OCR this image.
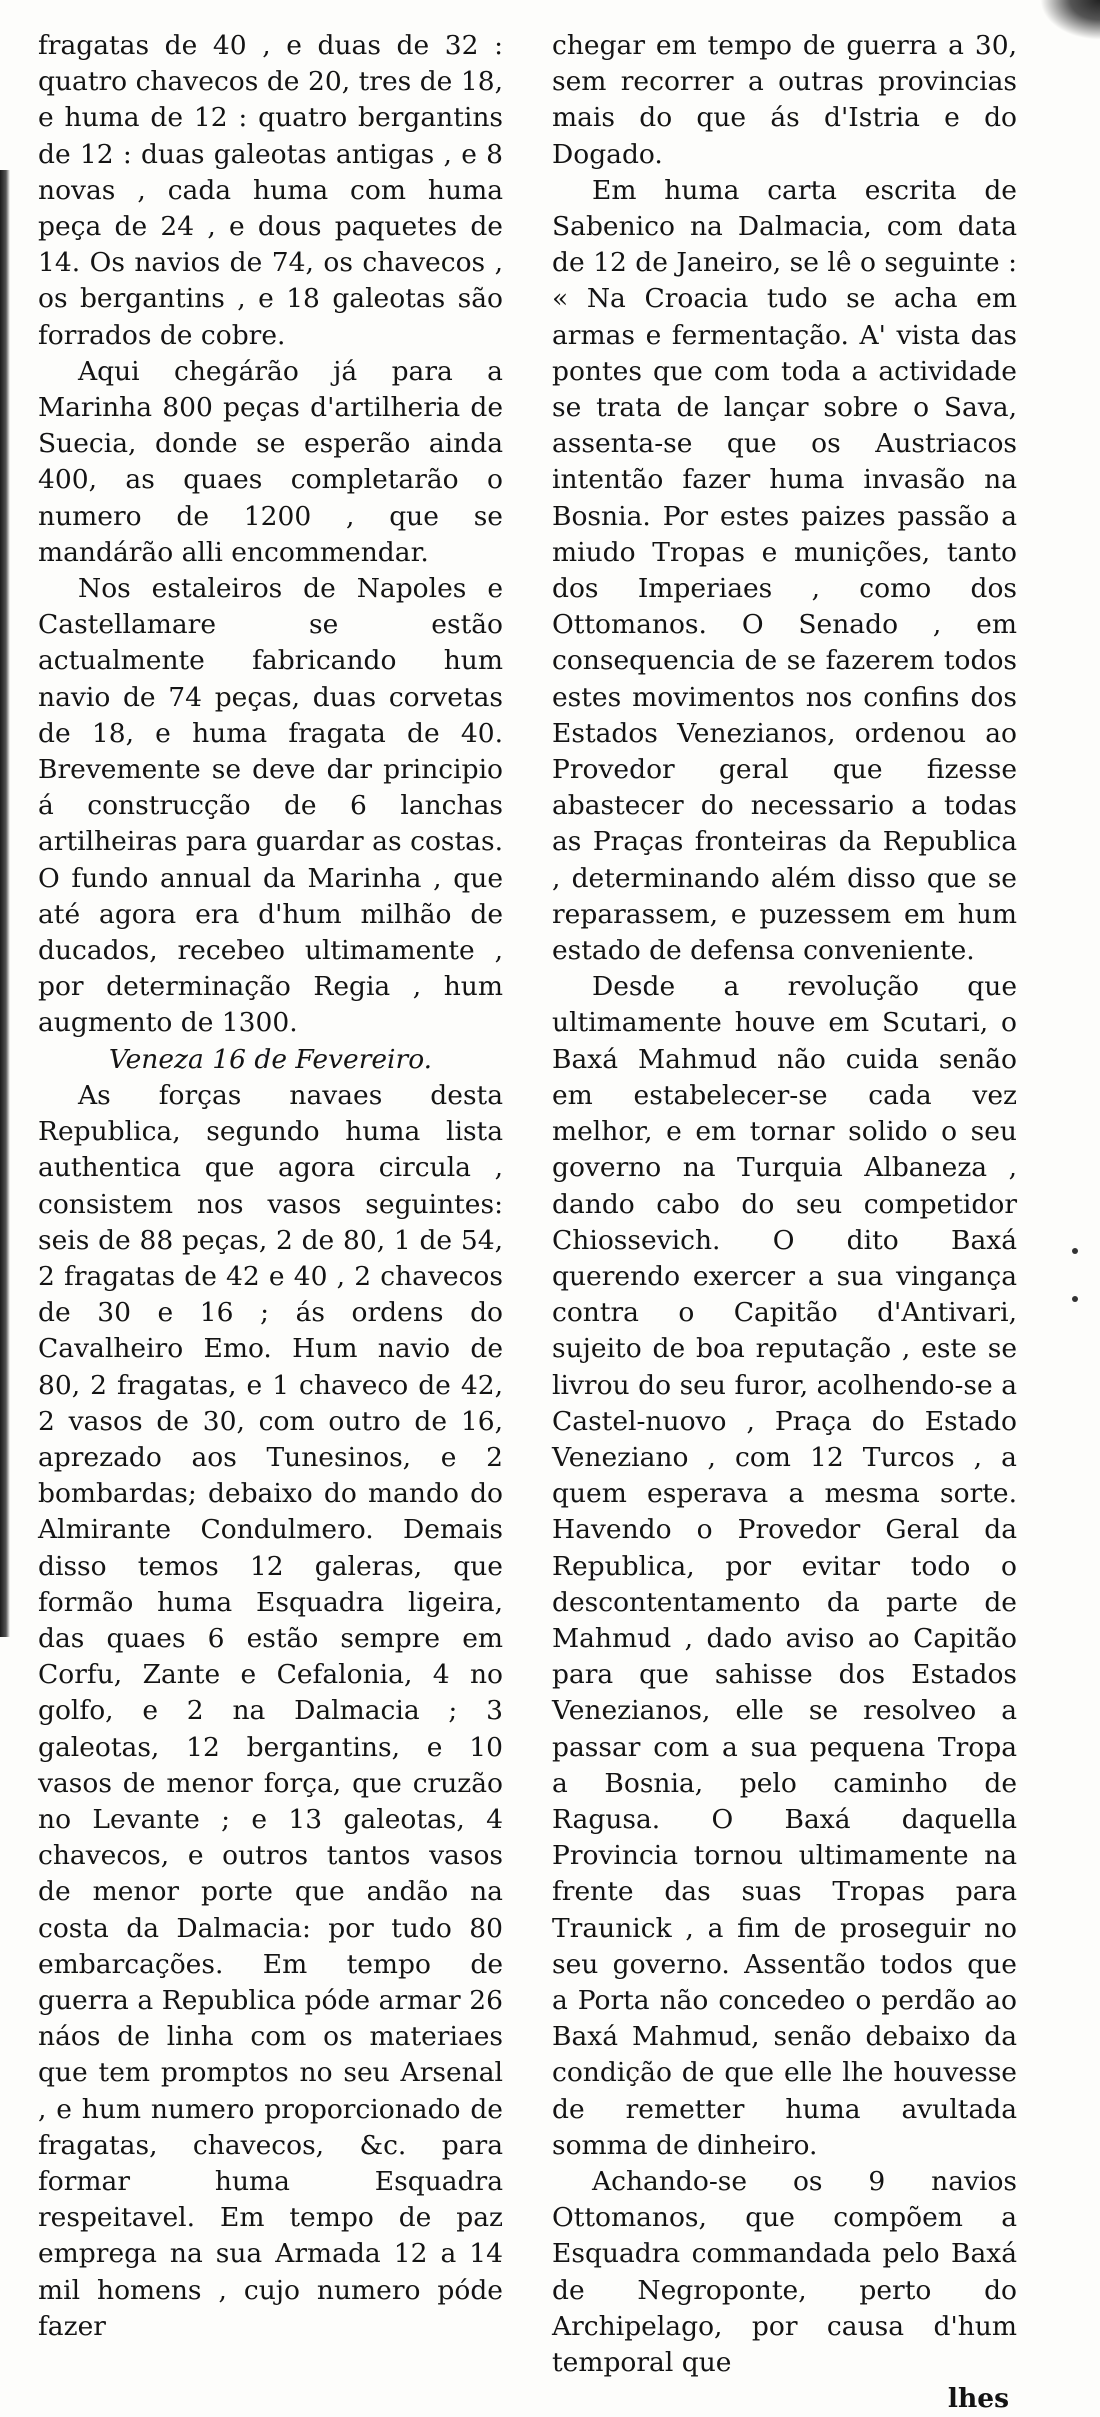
fragatas de 40 , e duas de 32 : quatro chavecos de 20, tres de 18, e huma de 12 : quatro bergantins de 12 : duas galeotas antigas , e 8 novas , cada huma com huma peça de 24 , e dous paquetes de 14. Os navios de 74, os chavecos , os bergantins , e 18 galeotas são forrados de cobre.

Aqui chegárão já para a Marinha 800 peças d'artilheria de Suecia, donde se esperão ainda 400, as quaes completarão o numero de 1200 , que se mandárão alli encommendar.

Nos estaleiros de Napoles e Castellamare se estão actualmente fabricando hum navio de 74 peças, duas corvetas de 18, e huma fragata de 40. Brevemente se deve dar principio á construcção de 6 lanchas artilheiras para guardar as costas. O fundo annual da Marinha , que até agora era d'hum milhão de ducados, recebeo ultimamente , por determinação Regia , hum augmento de 1300.

Veneza 16 de Fevereiro.

As forças navaes desta Republica, segundo huma lista authentica que agora circula , consistem nos vasos seguintes: seis de 88 peças, 2 de 80, 1 de 54, 2 fragatas de 42 e 40 , 2 chavecos de 30 e 16 ; ás ordens do Cavalheiro Emo. Hum navio de 80, 2 fragatas, e 1 chaveco de 42, 2 vasos de 30, com outro de 16, aprezado aos Tunesinos, e 2 bombardas; debaixo do mando do Almirante Condulmero. Demais disso temos 12 galeras, que formão huma Esquadra ligeira, das quaes 6 estão sempre em Corfu, Zante e Cefalonia, 4 no golfo, e 2 na Dalmacia ; 3 galeotas, 12 bergantins, e 10 vasos de menor força, que cruzão no Levante ; e 13 galeotas, 4 chavecos, e outros tantos vasos de menor porte que andão na costa da Dalmacia: por tudo 80 embarcações. Em tempo de guerra a Republica póde armar 26 náos de linha com os materiaes que tem promptos no seu Arsenal , e hum numero proporcionado de fragatas, chavecos, &c. para formar huma Esquadra respeitavel. Em tempo de paz emprega na sua Armada 12 a 14 mil homens , cujo numero póde fazer

chegar em tempo de guerra a 30, sem recorrer a outras provincias mais do que ás d'Istria e do Dogado.

Em huma carta escrita de Sabenico na Dalmacia, com data de 12 de Janeiro, se lê o seguinte : « Na Croacia tudo se acha em armas e fermentação. A' vista das pontes que com toda a actividade se trata de lançar sobre o Sava, assenta-se que os Austriacos intentão fazer huma invasão na Bosnia. Por estes paizes passão a miudo Tropas e munições, tanto dos Imperiaes , como dos Ottomanos. O Senado , em consequencia de se fazerem todos estes movimentos nos confins dos Estados Venezianos, ordenou ao Provedor geral que fizesse abastecer do necessario a todas as Praças fronteiras da Republica , determinando além disso que se reparassem, e puzessem em hum estado de defensa conveniente.

Desde a revolução que ultimamente houve em Scutari, o Baxá Mahmud não cuida senão em estabelecer-se cada vez melhor, e em tornar solido o seu governo na Turquia Albaneza , dando cabo do seu competidor Chiossevich. O dito Baxá querendo exercer a sua vingança contra o Capitão d'Antivari, sujeito de boa reputação , este se livrou do seu furor, acolhendo-se a Castel-nuovo , Praça do Estado Veneziano , com 12 Turcos , a quem esperava a mesma sorte. Havendo o Provedor Geral da Republica, por evitar todo o descontentamento da parte de Mahmud , dado aviso ao Capitão para que sahisse dos Estados Venezianos, elle se resolveo a passar com a sua pequena Tropa a Bosnia, pelo caminho de Ragusa. O Baxá daquella Provincia tornou ultimamente na frente das suas Tropas para Traunick , a fim de proseguir no seu governo. Assentão todos que a Porta não concedeo o perdão ao Baxá Mahmud, senão debaixo da condição de que elle lhe houvesse de remetter huma avultada somma de dinheiro.

Achando-se os 9 navios Ottomanos, que compõem a Esquadra commandada pelo Baxá de Negroponte, perto do Archipelago, por causa d'hum temporal que

lhes
